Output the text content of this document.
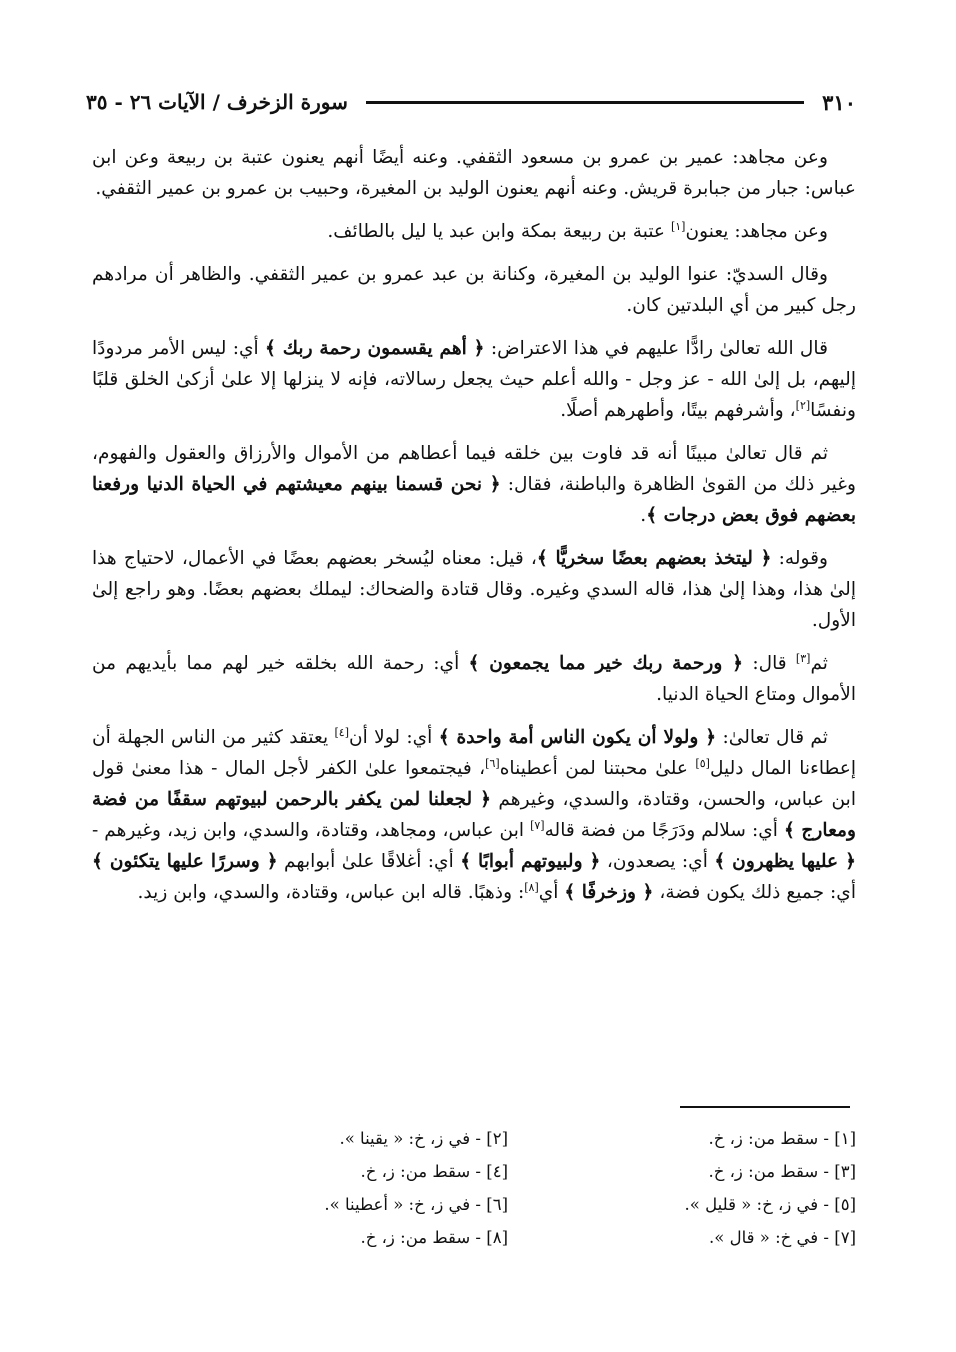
٣١٠
سورة الزخرف / الآيات ٢٦ - ٣٥

وعن مجاهد: عمير بن عمرو بن مسعود الثقفي. وعنه أيضًا أنهم يعنون عتبة بن ربيعة وعن ابن عباس: جبار من جبابرة قريش. وعنه أنهم يعنون الوليد بن المغيرة، وحبيب بن عمرو بن عمير الثقفي.

وعن مجاهد: يعنون[١] عتبة بن ربيعة بمكة وابن عبد يا ليل بالطائف.

وقال السديّ: عنوا الوليد بن المغيرة، وكنانة بن عبد عمرو بن عمير الثقفي. والظاهر أن مرادهم رجل كبير من أي البلدتين كان.

قال الله تعالىٰ رادًّا عليهم في هذا الاعتراض: ﴿ أهم يقسمون رحمة ربك ﴾ أي: ليس الأمر مردودًا إليهم، بل إلىٰ الله - عز وجل - والله أعلم حيث يجعل رسالاته، فإنه لا ينزلها إلا علىٰ أزكىٰ الخلق قلبًا ونفسًا[٢]، وأشرفهم بيتًا، وأطهرهم أصلًا.

ثم قال تعالىٰ مبينًا أنه قد فاوت بين خلقه فيما أعطاهم من الأموال والأرزاق والعقول والفهوم، وغير ذلك من القوىٰ الظاهرة والباطنة، فقال: ﴿ نحن قسمنا بينهم معيشتهم في الحياة الدنيا ورفعنا بعضهم فوق بعض درجات ﴾.

وقوله: ﴿ ليتخذ بعضهم بعضًا سخريًّا ﴾، قيل: معناه ليُسخر بعضهم بعضًا في الأعمال، لاحتياج هذا إلىٰ هذا، وهذا إلىٰ هذا، قاله السدي وغيره. وقال قتادة والضحاك: ليملك بعضهم بعضًا. وهو راجع إلىٰ الأول.

ثم[٣] قال: ﴿ ورحمة ربك خير مما يجمعون ﴾ أي: رحمة الله بخلقه خير لهم مما بأيديهم من الأموال ومتاع الحياة الدنيا.

ثم قال تعالىٰ: ﴿ ولولا أن يكون الناس أمة واحدة ﴾ أي: لولا أن[٤] يعتقد كثير من الناس الجهلة أن إعطاءنا المال دليل[٥] علىٰ محبتنا لمن أعطيناه[٦]، فيجتمعوا علىٰ الكفر لأجل المال - هذا معنىٰ قول ابن عباس، والحسن، وقتادة، والسدي، وغيرهم ﴿ لجعلنا لمن يكفر بالرحمن لبيوتهم سقفًا من فضة ومعارج ﴾ أي: سلالم ودَرَجًا من فضة قاله[٧] ابن عباس، ومجاهد، وقتادة، والسدي، وابن زيد، وغيرهم - ﴿ عليها يظهرون ﴾ أي: يصعدون، ﴿ ولبيوتهم أبوابًا ﴾ أي: أغلاقًا علىٰ أبوابهم ﴿ وسررًا عليها يتكئون ﴾ أي: جميع ذلك يكون فضة، ﴿ وزخرفًا ﴾ أي[٨]: وذهبًا. قاله ابن عباس، وقتادة، والسدي، وابن زيد.

[١] - سقط من: ز، خ.
[٢] - في ز، خ: « يقينا ».
[٣] - سقط من: ز، خ.
[٤] - سقط من: ز، خ.
[٥] - في ز، خ: « قليل ».
[٦] - في ز، خ: « أعطينا ».
[٧] - في خ: « قال ».
[٨] - سقط من: ز، خ.
